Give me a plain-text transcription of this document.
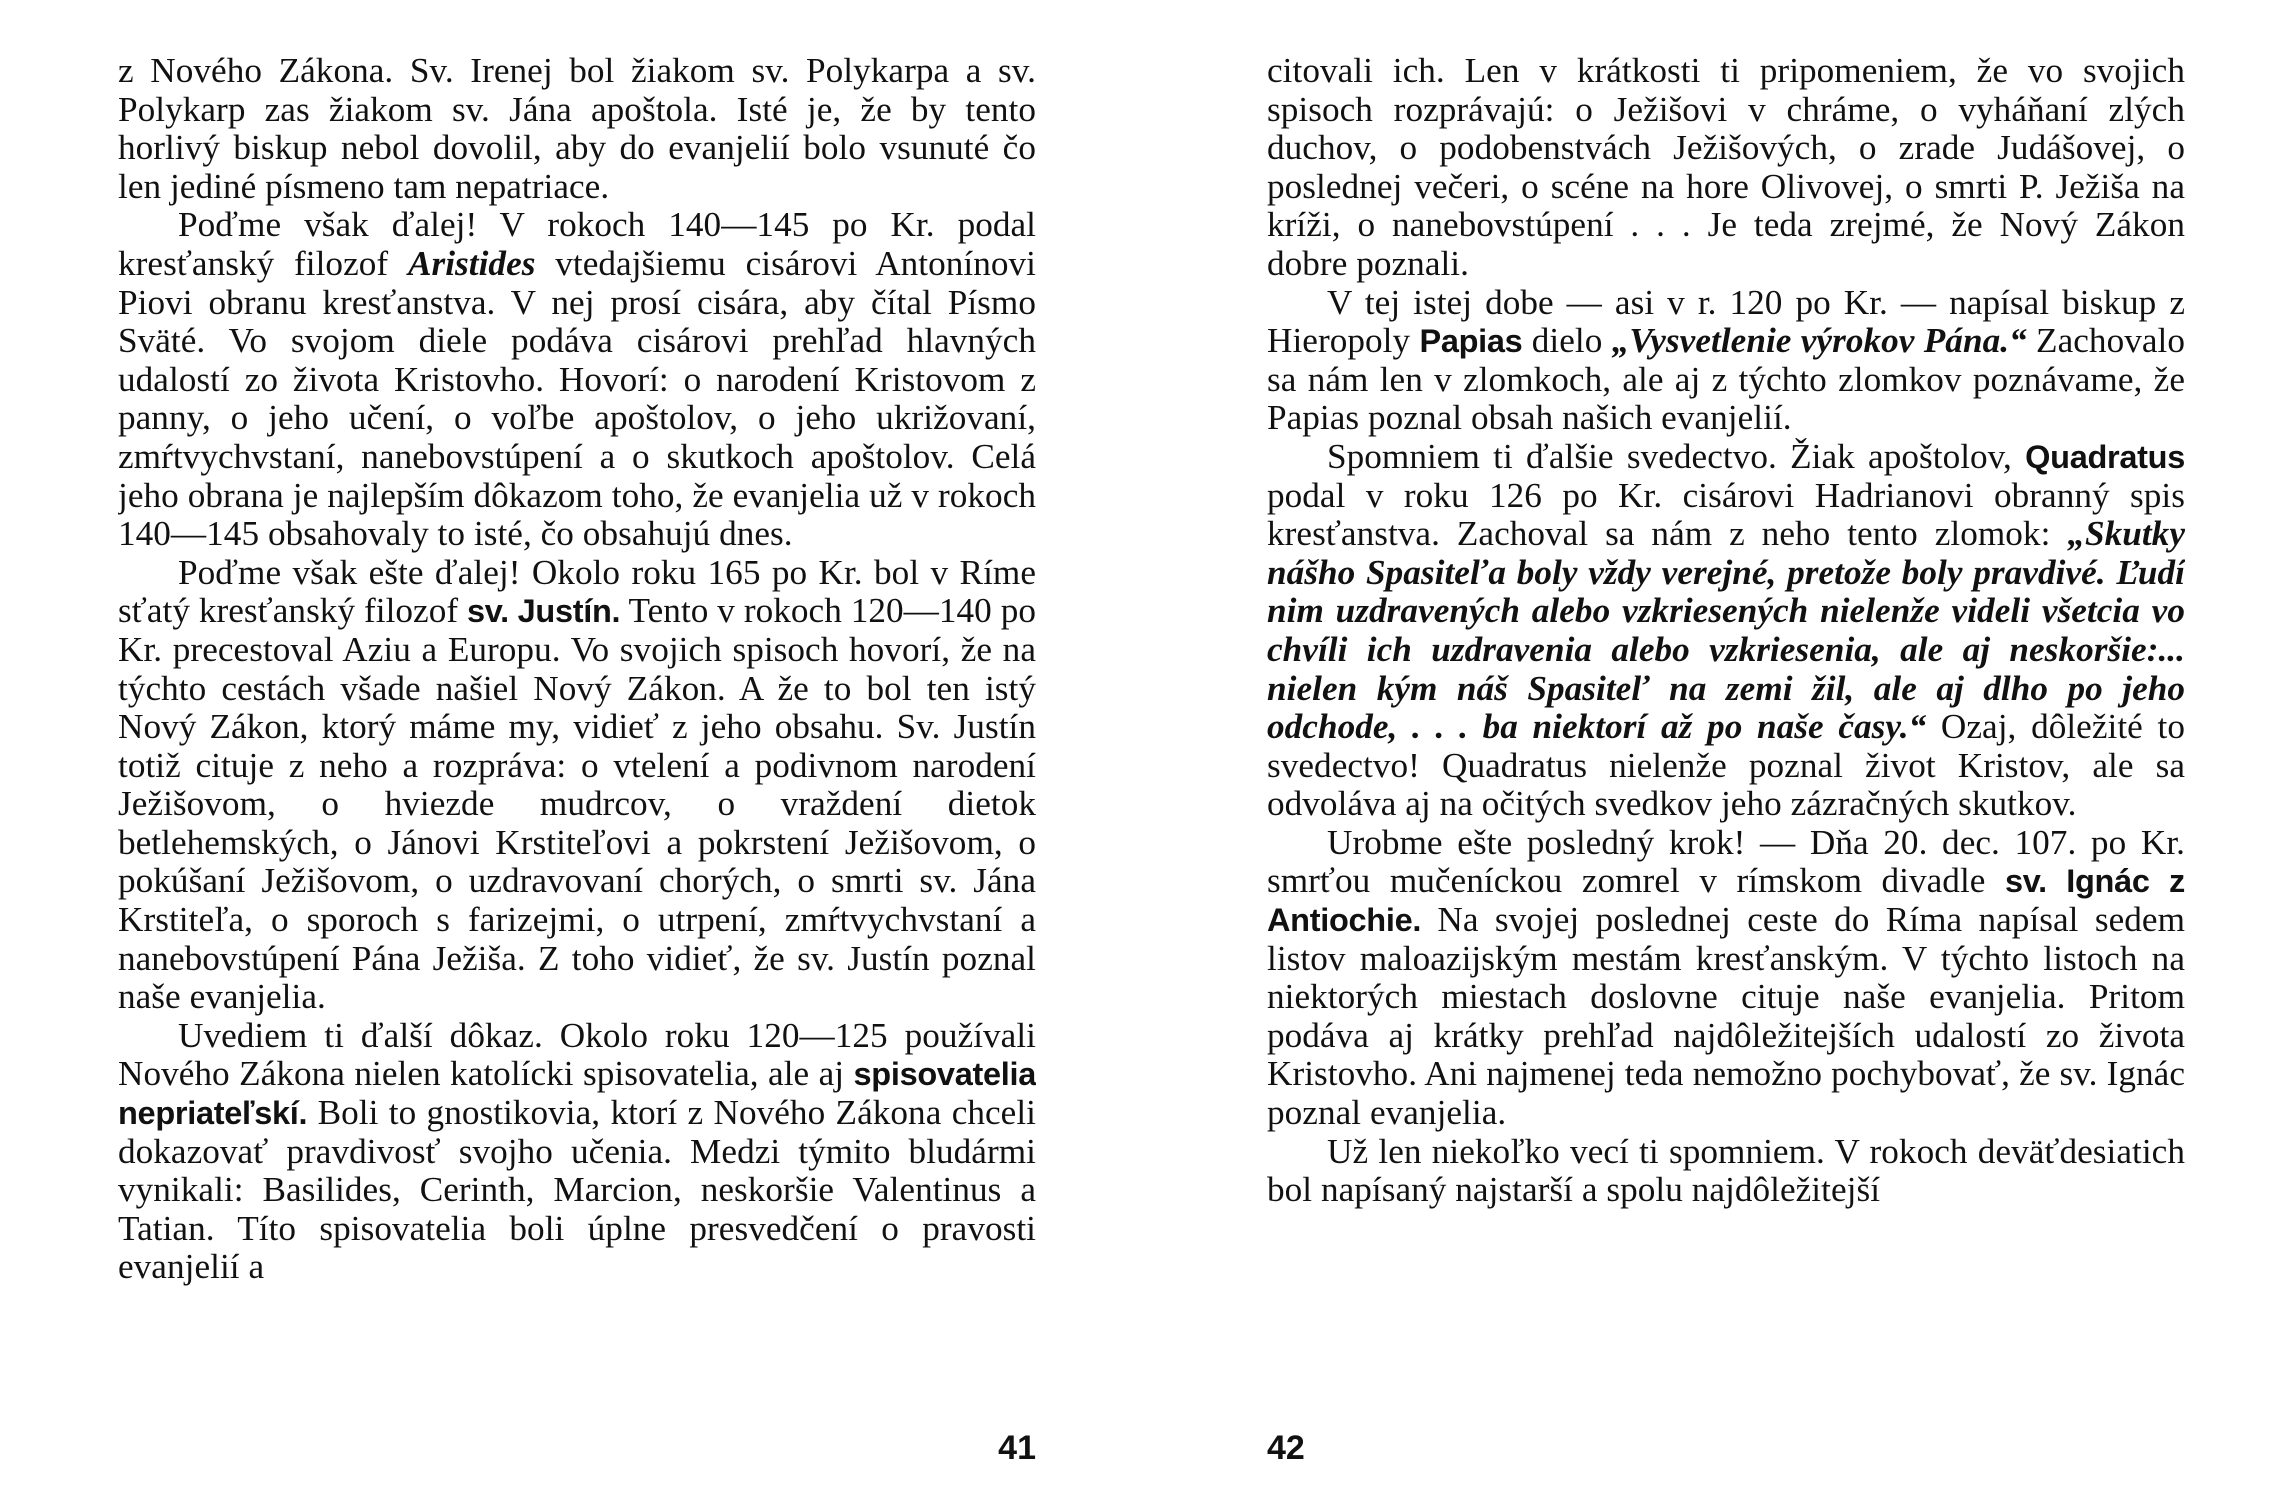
z Nového Zákona. Sv. Irenej bol žiakom sv. Polykarpa a sv. Polykarp zas žiakom sv. Jána apoštola. Isté je, že by tento horlivý biskup nebol dovolil, aby do evanjelií bolo vsunuté čo len jediné písmeno tam nepatriace.

Poďme však ďalej! V rokoch 140—145 po Kr. podal kresťanský filozof Aristides vtedajšiemu cisárovi Antonínovi Piovi obranu kresťanstva. V nej prosí cisára, aby čítal Písmo Sväté. Vo svojom diele podáva cisárovi prehľad hlavných udalostí zo života Kristovho. Hovorí: o narodení Kristovom z panny, o jeho učení, o voľbe apoštolov, o jeho ukrižovaní, zmŕtvychvstaní, nanebovstúpení a o skutkoch apoštolov. Celá jeho obrana je najlepším dôkazom toho, že evanjelia už v rokoch 140—145 obsahovaly to isté, čo obsahujú dnes.

Poďme však ešte ďalej! Okolo roku 165 po Kr. bol v Ríme sťatý kresťanský filozof sv. Justín. Tento v rokoch 120—140 po Kr. precestoval Aziu a Europu. Vo svojich spisoch hovorí, že na týchto cestách všade našiel Nový Zákon. A že to bol ten istý Nový Zákon, ktorý máme my, vidieť z jeho obsahu. Sv. Justín totiž cituje z neho a rozpráva: o vtelení a podivnom narodení Ježišovom, o hviezde mudrcov, o vraždení dietok betlehemských, o Jánovi Krstiteľovi a pokrstení Ježišovom, o pokúšaní Ježišovom, o uzdravovaní chorých, o smrti sv. Jána Krstiteľa, o sporoch s farizejmi, o utrpení, zmŕtvychvstaní a nanebovstúpení Pána Ježiša. Z toho vidieť, že sv. Justín poznal naše evanjelia.

Uvediem ti ďalší dôkaz. Okolo roku 120—125 používali Nového Zákona nielen katolícki spisovatelia, ale aj spisovatelia nepriateľskí. Boli to gnostikovia, ktorí z Nového Zákona chceli dokazovať pravdivosť svojho učenia. Medzi týmito bludármi vynikali: Basilides, Cerinth, Marcion, neskoršie Valentinus a Tatian. Títo spisovatelia boli úplne presvedčení o pravosti evanjelií a

41

citovali ich. Len v krátkosti ti pripomeniem, že vo svojich spisoch rozprávajú: o Ježišovi v chráme, o vyháňaní zlých duchov, o podobenstvách Ježišových, o zrade Judášovej, o poslednej večeri, o scéne na hore Olivovej, o smrti P. Ježiša na kríži, o nanebovstúpení . . . Je teda zrejmé, že Nový Zákon dobre poznali.

V tej istej dobe — asi v r. 120 po Kr. — napísal biskup z Hieropoly Papias dielo „Vysvetlenie výrokov Pána.“ Zachovalo sa nám len v zlomkoch, ale aj z týchto zlomkov poznávame, že Papias poznal obsah našich evanjelií.

Spomniem ti ďalšie svedectvo. Žiak apoštolov, Quadratus podal v roku 126 po Kr. cisárovi Hadrianovi obranný spis kresťanstva. Zachoval sa nám z neho tento zlomok: „Skutky nášho Spasiteľa boly vždy verejné, pretože boly pravdivé. Ľudí nim uzdravených alebo vzkriesených nielenže videli všetcia vo chvíli ich uzdravenia alebo vzkriesenia, ale aj neskoršie:... nielen kým náš Spasiteľ na zemi žil, ale aj dlho po jeho odchode, . . . ba niektorí až po naše časy.“ Ozaj, dôležité to svedectvo! Quadratus nielenže poznal život Kristov, ale sa odvoláva aj na očitých svedkov jeho zázračných skutkov.

Urobme ešte posledný krok! — Dňa 20. dec. 107. po Kr. smrťou mučeníckou zomrel v rímskom divadle sv. Ignác z Antiochie. Na svojej poslednej ceste do Ríma napísal sedem listov maloazijským mestám kresťanským. V týchto listoch na niektorých miestach doslovne cituje naše evanjelia. Pritom podáva aj krátky prehľad najdôležitejších udalostí zo života Kristovho. Ani najmenej teda nemožno pochybovať, že sv. Ignác poznal evanjelia.

Už len niekoľko vecí ti spomniem. V rokoch deväťdesiatich bol napísaný najstarší a spolu najdôležitejší

42
